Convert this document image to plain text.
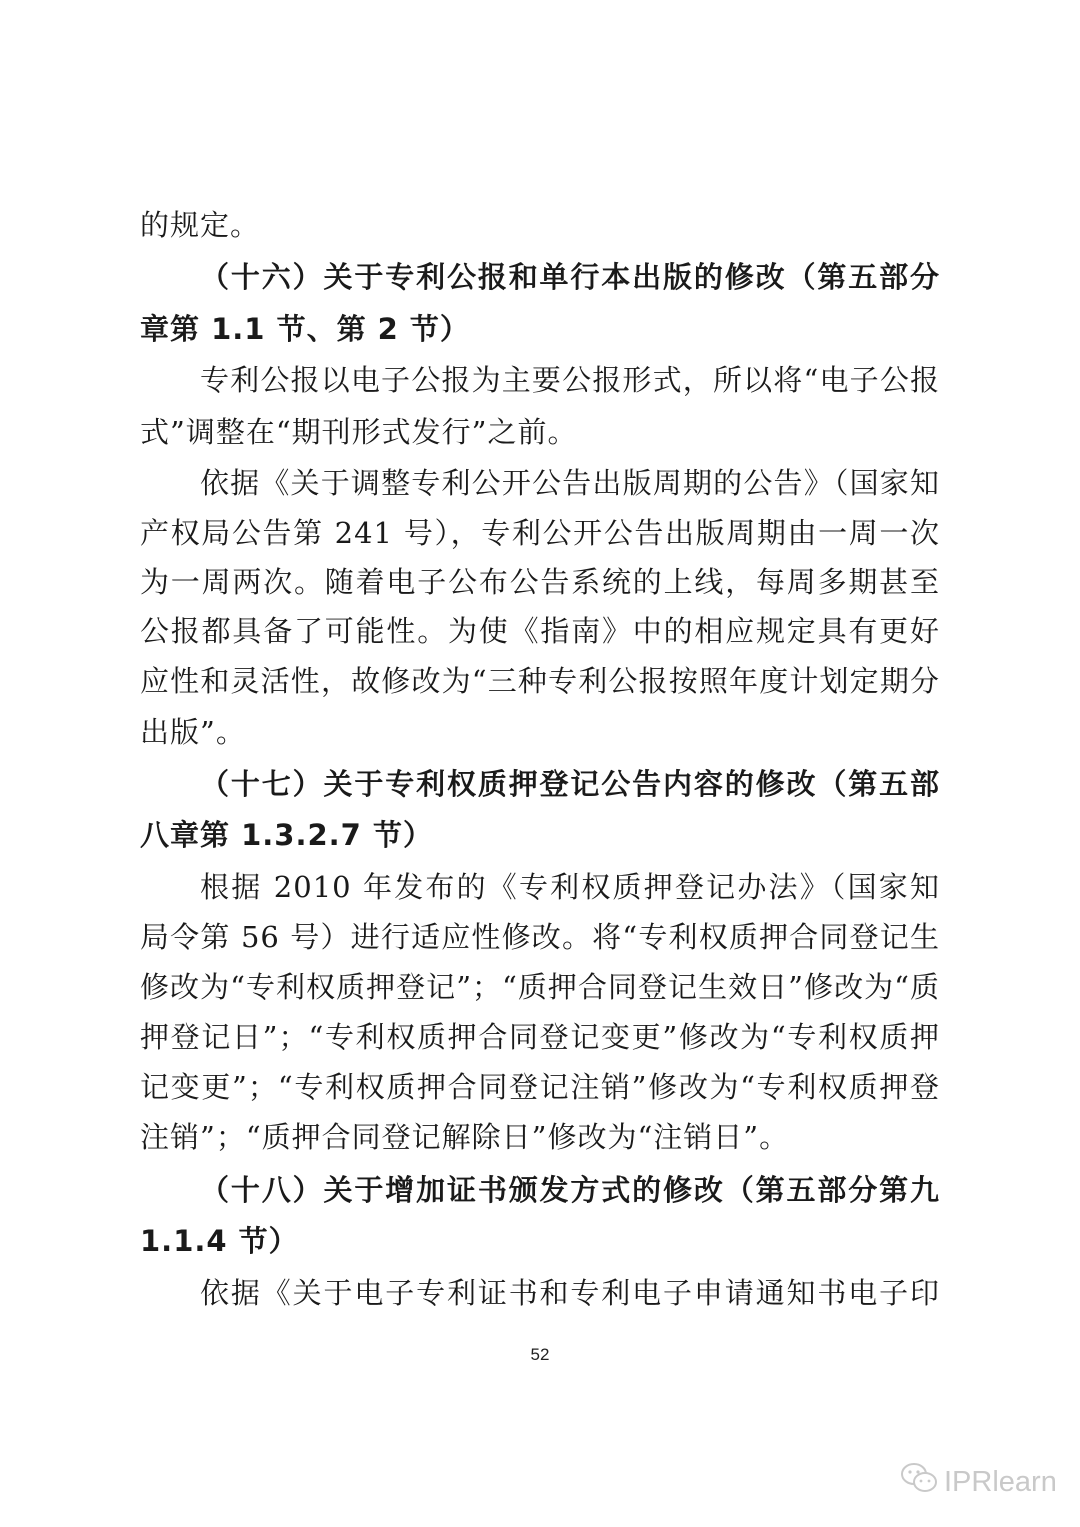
的规定。
（十六）关于专利公报和单行本出版的修改（第五部分
章第 1.1 节、第 2 节）
专利公报以电子公报为主要公报形式，所以将“电子公报
式”调整在“期刊形式发行”之前。
依据《关于调整专利公开公告出版周期的公告》（国家知
产权局公告第 241 号），专利公开公告出版周期由一周一次
为一周两次。随着电子公布公告系统的上线，每周多期甚至
公报都具备了可能性。为使《指南》中的相应规定具有更好
应性和灵活性，故修改为“三种专利公报按照年度计划定期分
出版”。
（十七）关于专利权质押登记公告内容的修改（第五部
八章第 1.3.2.7 节）
根据 2010 年发布的《专利权质押登记办法》（国家知
局令第 56 号）进行适应性修改。将“专利权质押合同登记生
修改为“专利权质押登记”；“质押合同登记生效日”修改为“质
押登记日”；“专利权质押合同登记变更”修改为“专利权质押
记变更”；“专利权质押合同登记注销”修改为“专利权质押登
注销”；“质押合同登记解除日”修改为“注销日”。
（十八）关于增加证书颁发方式的修改（第五部分第九
1.1.4 节）
依据《关于电子专利证书和专利电子申请通知书电子印
52
IPRlearn
